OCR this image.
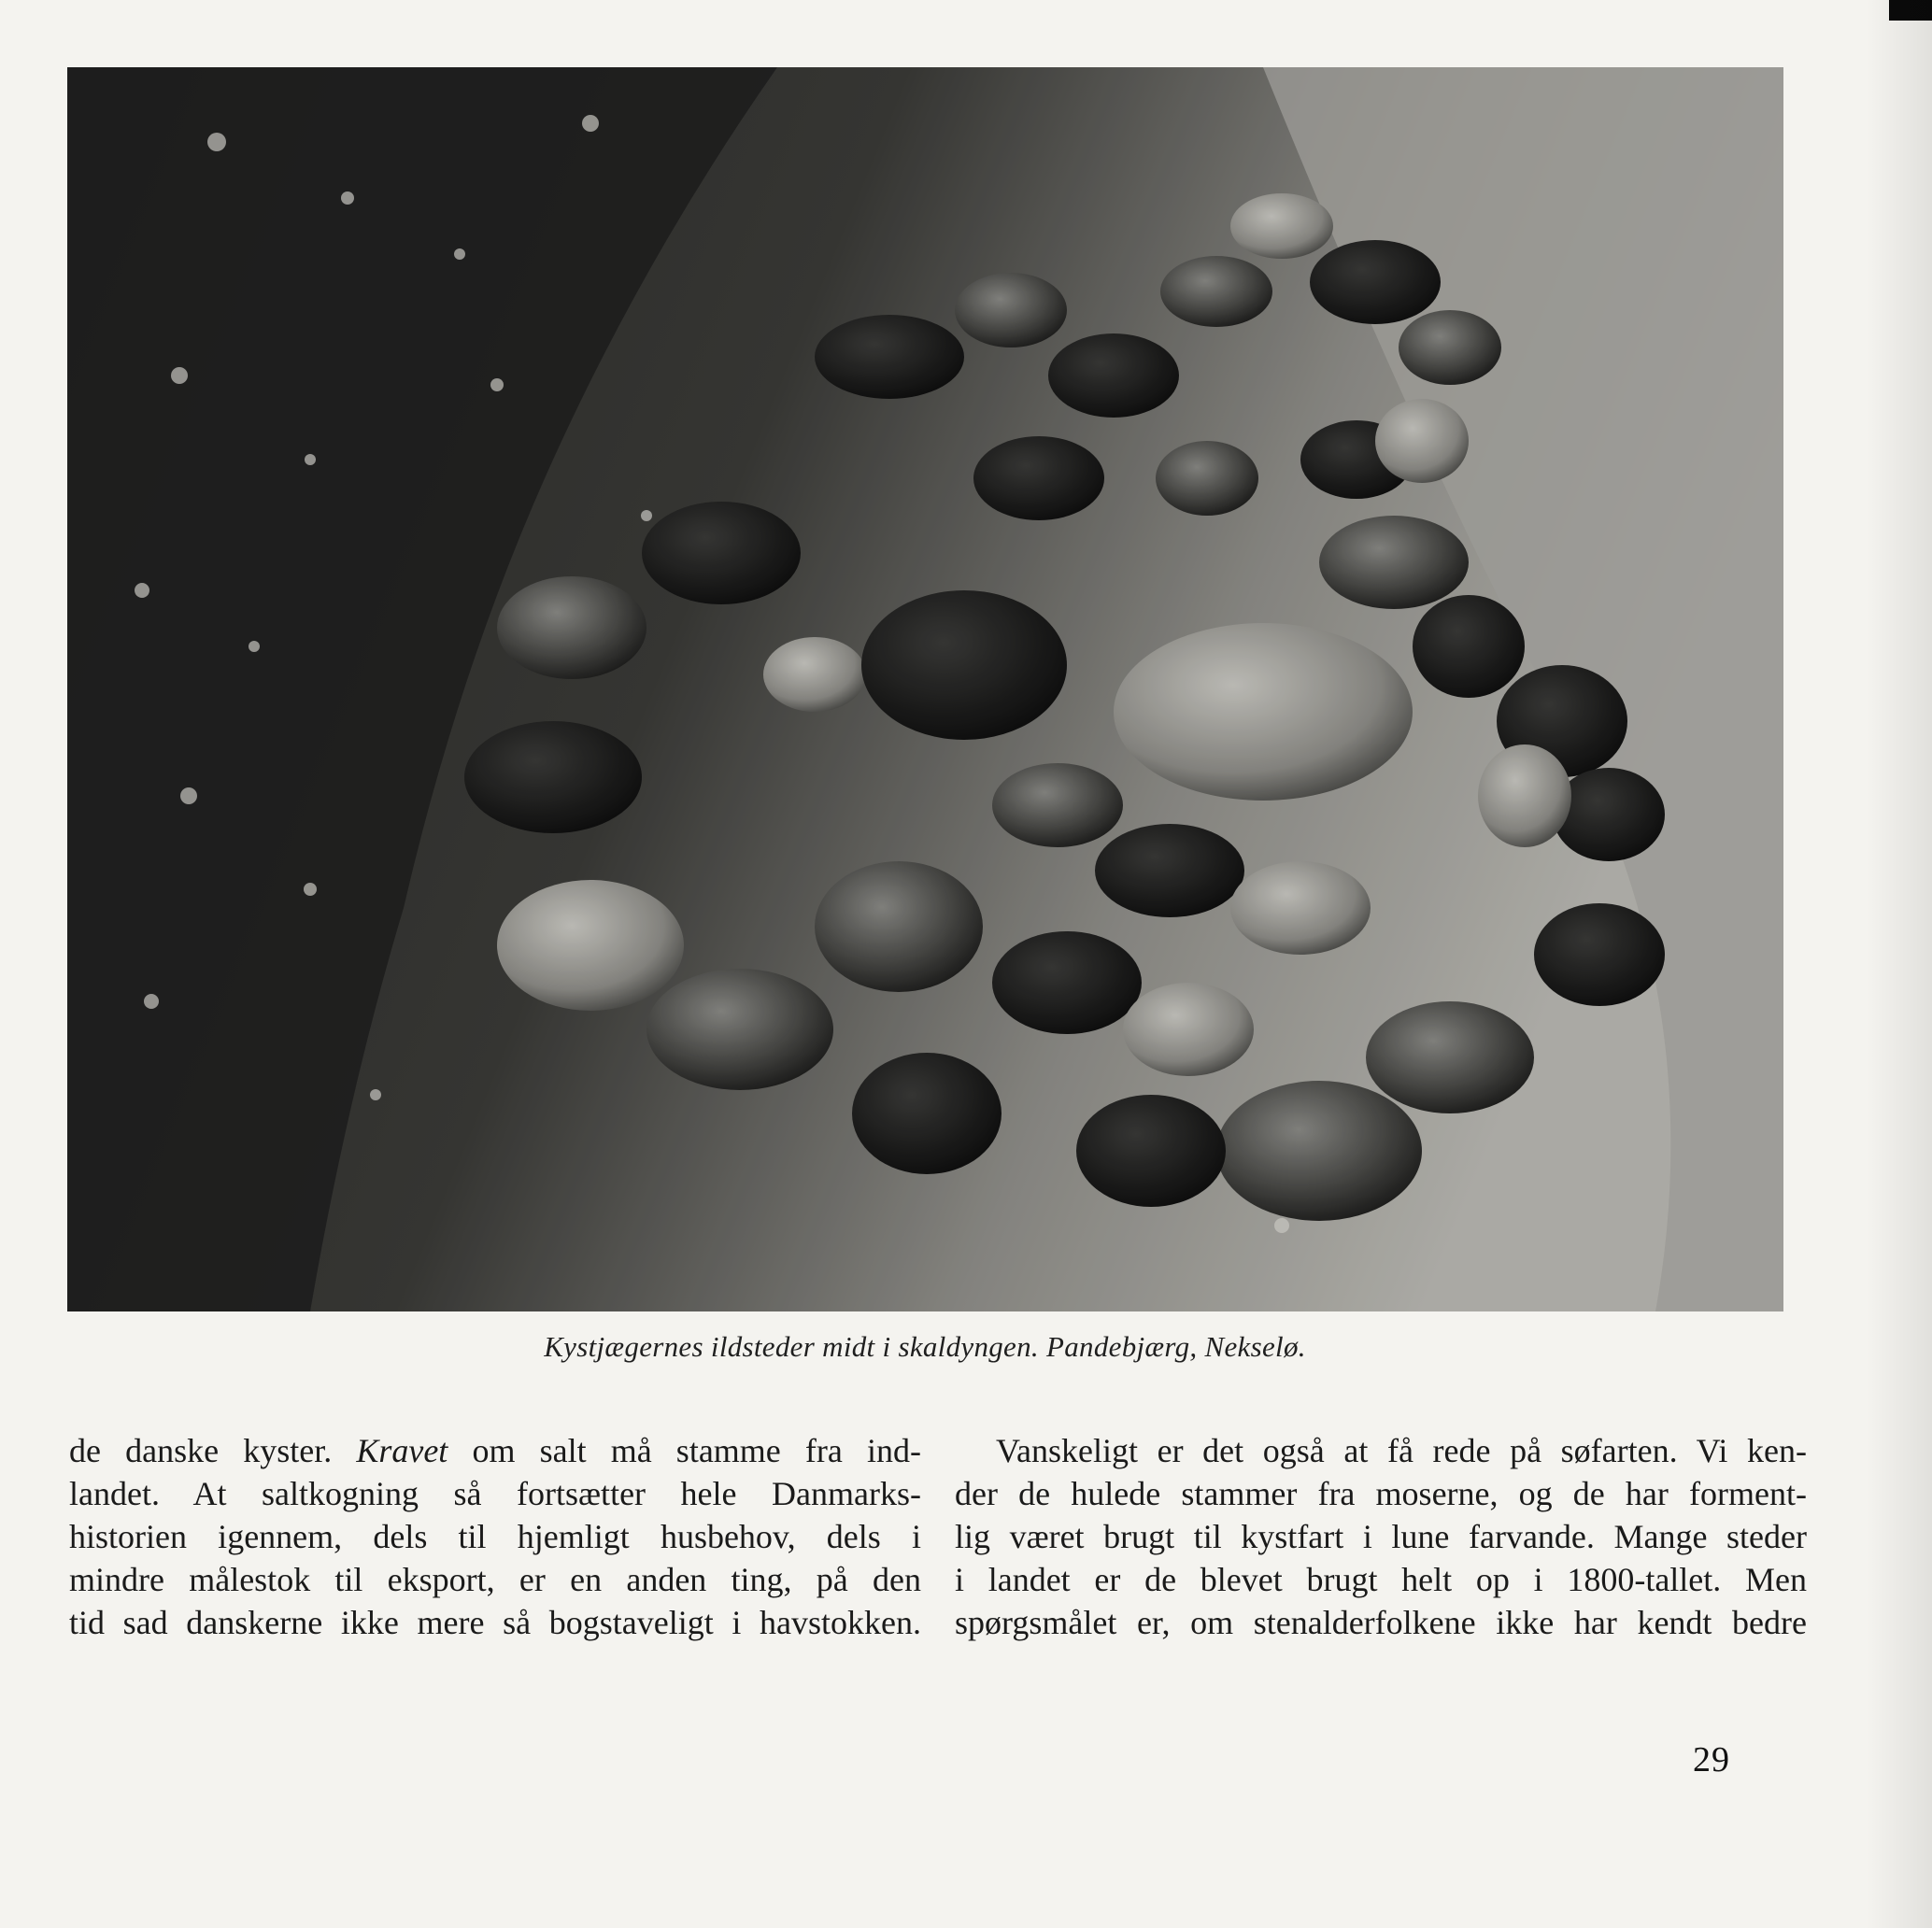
Kystjægernes ildsteder midt i skaldyngen. Pandebjærg, Nekselø.
de danske kyster. Kravet om salt må stamme fra ind-
landet. At saltkogning så fortsætter hele Danmarks-
historien igennem, dels til hjemligt husbehov, dels i
mindre målestok til eksport, er en anden ting, på den
tid sad danskerne ikke mere så bogstaveligt i havstokken.
Vanskeligt er det også at få rede på søfarten. Vi ken-
der de hulede stammer fra moserne, og de har forment-
lig været brugt til kystfart i lune farvande. Mange steder
i landet er de blevet brugt helt op i 1800-tallet. Men
spørgsmålet er, om stenalderfolkene ikke har kendt bedre
29
